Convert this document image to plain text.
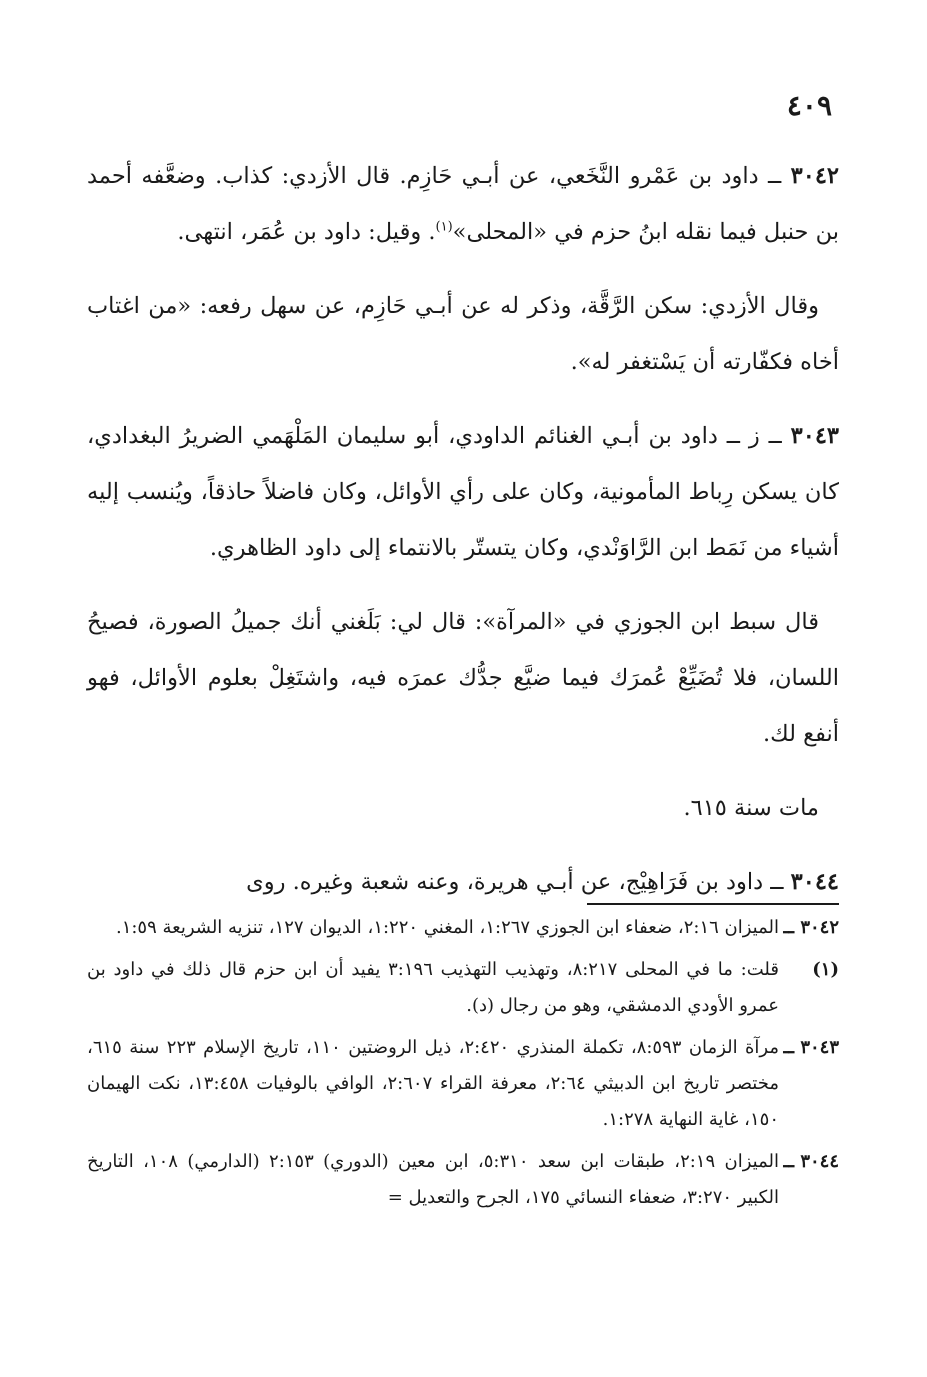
٤٠٩

٣٠٤٢ ــ داود بن عَمْرو النَّخَعي، عن أبـي حَازِم. قال الأزدي: كذاب. وضعَّفه أحمد بن حنبل فيما نقله ابنُ حزم في «المحلى»$^{(١)}$. وقيل: داود بن عُمَر، انتهى.

وقال الأزدي: سكن الرَّقَّة، وذكر له عن أبـي حَازِم، عن سهل رفعه: «من اغتاب أخاه فكفّارته أن يَسْتغفر له».

٣٠٤٣ ــ ز ــ داود بن أبـي الغنائم الداودي، أبو سليمان المَلْهَمي الضريرُ البغدادي، كان يسكن رِباط المأمونية، وكان على رأي الأوائل، وكان فاضلاً حاذقاً، ويُنسب إليه أشياء من نَمَط ابن الرَّاوَنْدي، وكان يتستّر بالانتماء إلى داود الظاهري.

قال سبط ابن الجوزي في «المرآة»: قال لي: بَلَغني أنك جميلُ الصورة، فصيحُ اللسان، فلا تُضَيِّعْ عُمرَك فيما ضيَّع جدُّك عمرَه فيه، واشتَغِلْ بعلوم الأوائل، فهو أنفع لك.

مات سنة ٦١٥.

٣٠٤٤ ــ داود بن فَرَاهِيْج، عن أبـي هريرة، وعنه شعبة وغيره. روى

٣٠٤٢ ــ
الميزان ٢:١٦، ضعفاء ابن الجوزي ١:٢٦٧، المغني ١:٢٢٠، الديوان ١٢٧، تنزيه الشريعة ١:٥٩.
(١)
قلت: ما في المحلى ٨:٢١٧، وتهذيب التهذيب ٣:١٩٦ يفيد أن ابن حزم قال ذلك في داود بن عمرو الأودي الدمشقي، وهو من رجال (د).
٣٠٤٣ ــ
مرآة الزمان ٨:٥٩٣، تكملة المنذري ٢:٤٢٠، ذيل الروضتين ١١٠، تاريخ الإسلام ٢٢٣ سنة ٦١٥، مختصر تاريخ ابن الدبيثي ٢:٦٤، معرفة القراء ٢:٦٠٧، الوافي بالوفيات ١٣:٤٥٨، نكت الهيمان ١٥٠، غاية النهاية ١:٢٧٨.
٣٠٤٤ ــ
الميزان ٢:١٩، طبقات ابن سعد ٥:٣١٠، ابن معين (الدوري) ٢:١٥٣ (الدارمي) ١٠٨، التاريخ الكبير ٣:٢٧٠، ضعفاء النسائي ١٧٥، الجرح والتعديل =
